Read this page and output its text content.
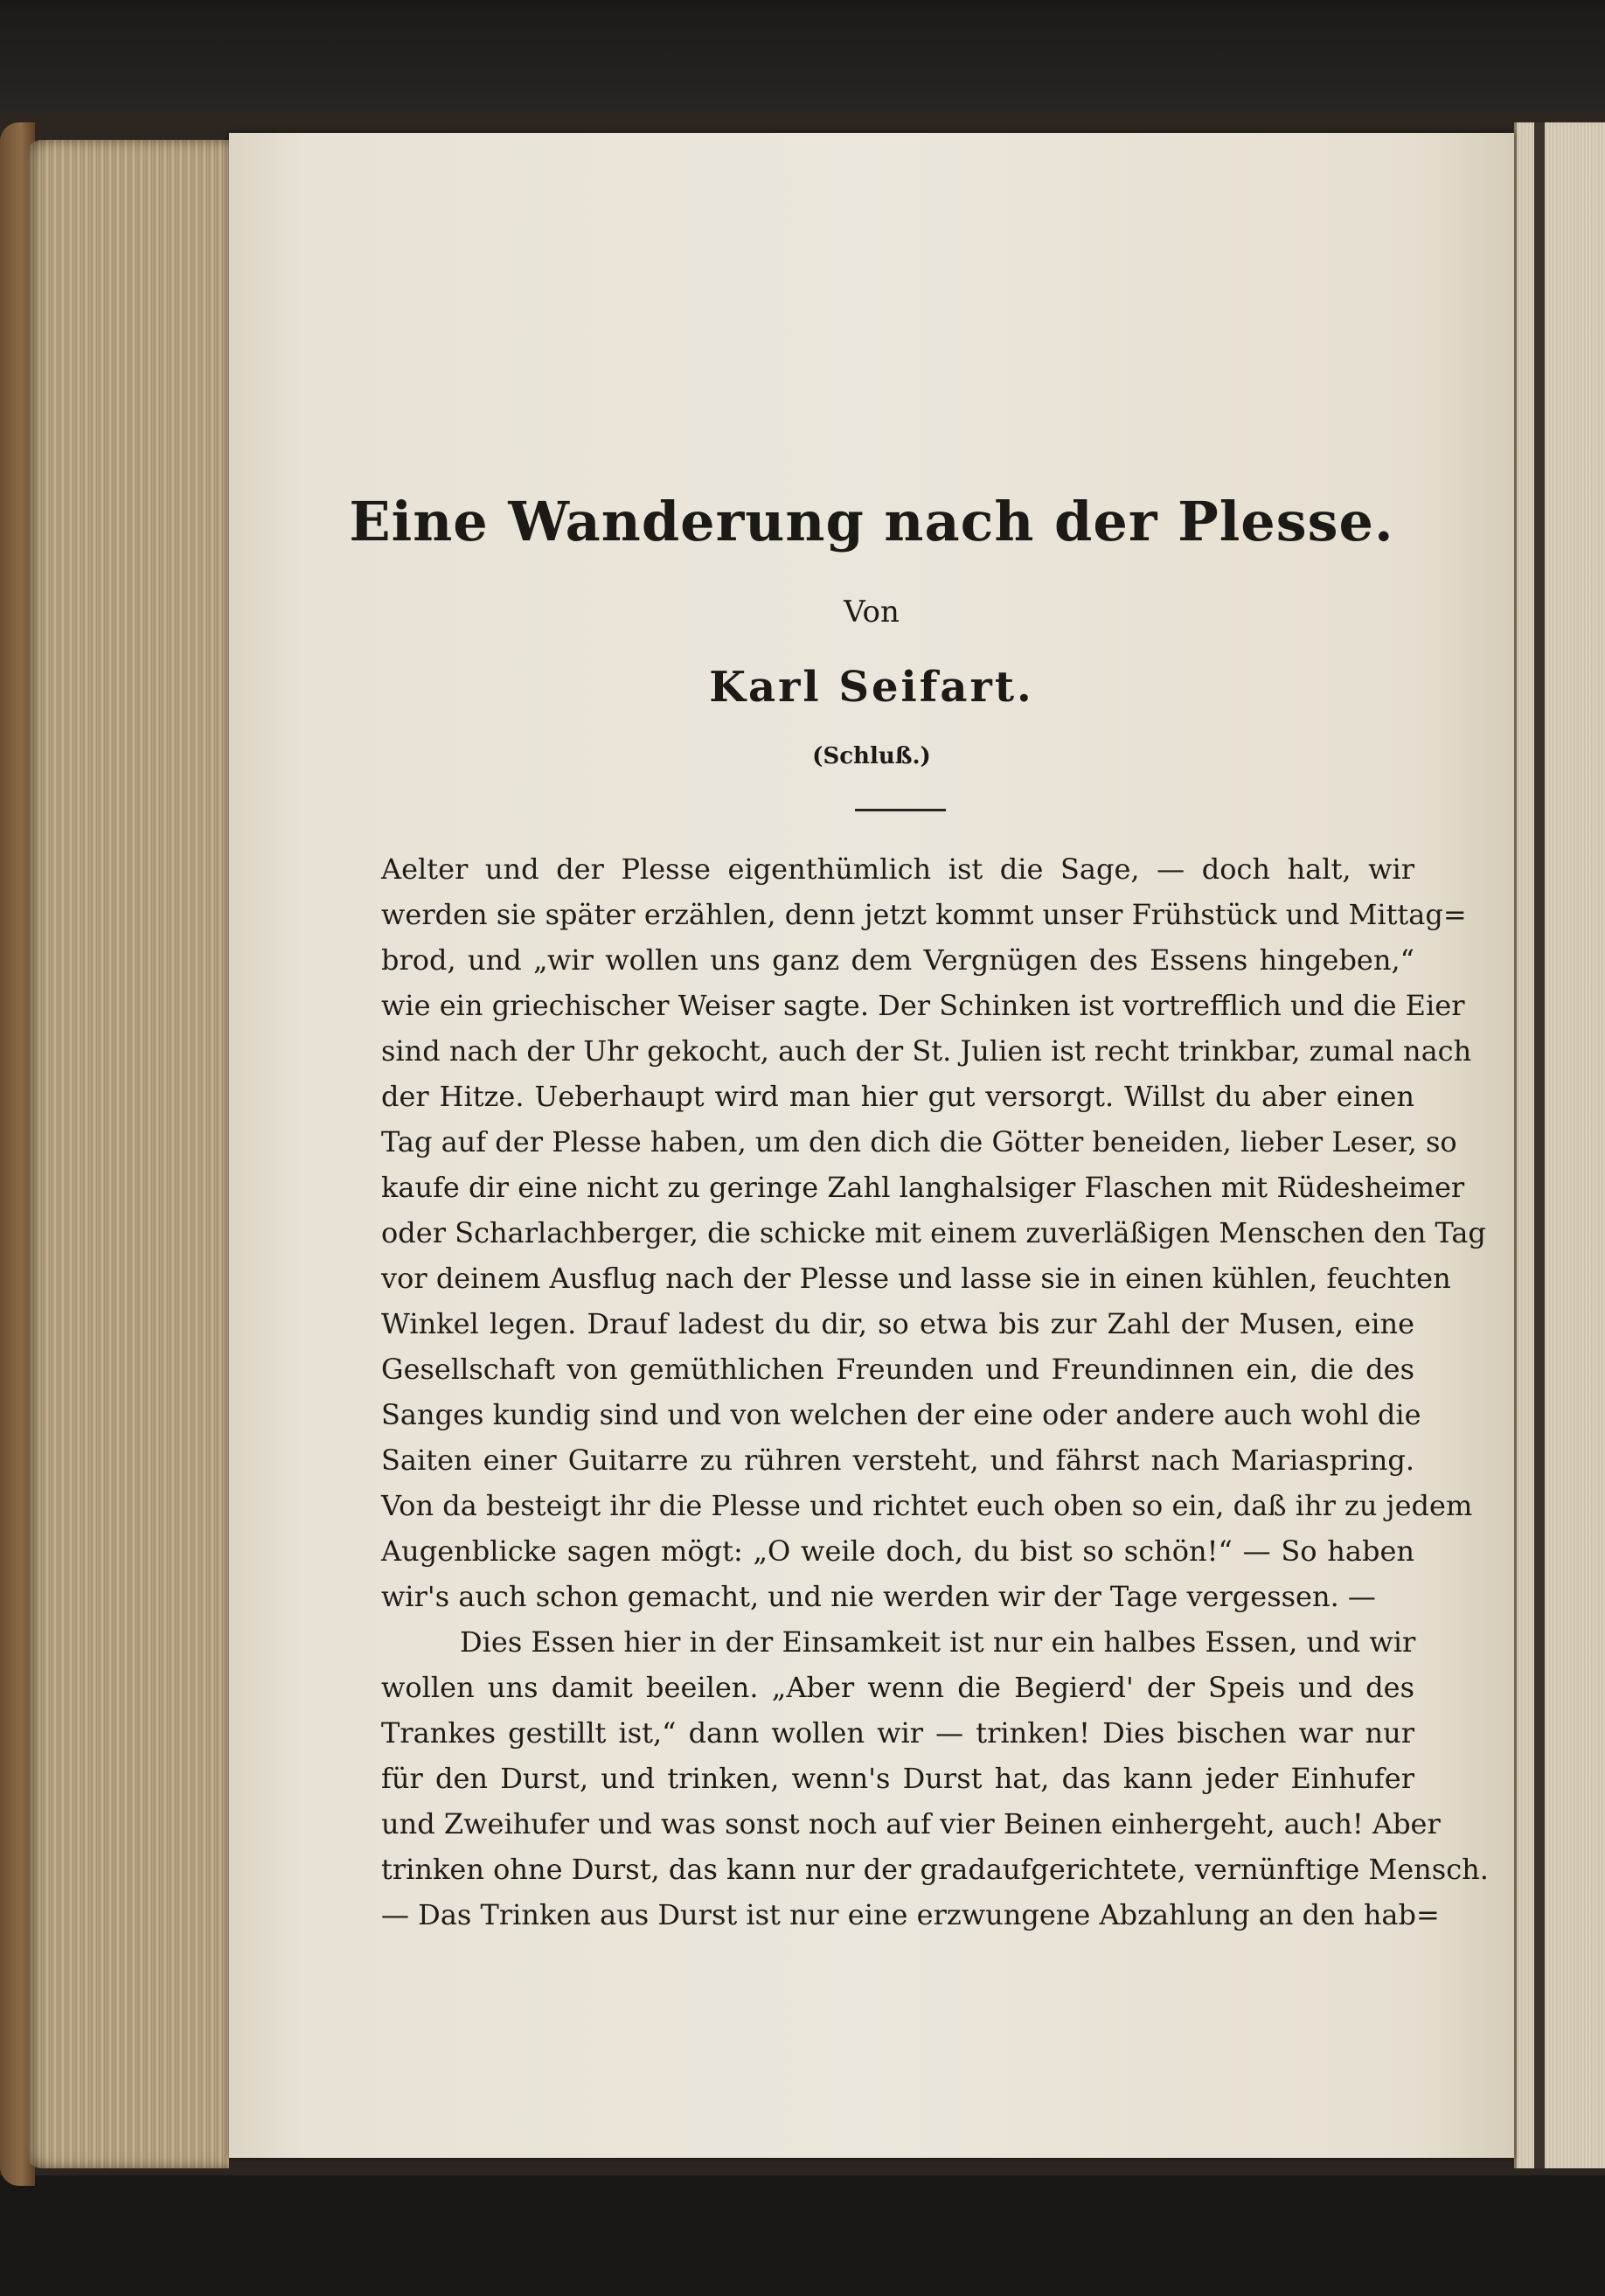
Eine Wanderung nach der Plesse.
Von
Karl Seifart.
(Schluß.)
Aelter und der Plesse eigenthümlich ist die Sage, — doch halt, wir
werden sie später erzählen, denn jetzt kommt unser Frühstück und Mittag=
brod, und „wir wollen uns ganz dem Vergnügen des Essens hingeben,“
wie ein griechischer Weiser sagte. Der Schinken ist vortrefflich und die Eier
sind nach der Uhr gekocht, auch der St. Julien ist recht trinkbar, zumal nach
der Hitze. Ueberhaupt wird man hier gut versorgt. Willst du aber einen
Tag auf der Plesse haben, um den dich die Götter beneiden, lieber Leser, so
kaufe dir eine nicht zu geringe Zahl langhalsiger Flaschen mit Rüdesheimer
oder Scharlachberger, die schicke mit einem zuverläßigen Menschen den Tag
vor deinem Ausflug nach der Plesse und lasse sie in einen kühlen, feuchten
Winkel legen. Drauf ladest du dir, so etwa bis zur Zahl der Musen, eine
Gesellschaft von gemüthlichen Freunden und Freundinnen ein, die des
Sanges kundig sind und von welchen der eine oder andere auch wohl die
Saiten einer Guitarre zu rühren versteht, und fährst nach Mariaspring.
Von da besteigt ihr die Plesse und richtet euch oben so ein, daß ihr zu jedem
Augenblicke sagen mögt: „O weile doch, du bist so schön!“ — So haben
wir's auch schon gemacht, und nie werden wir der Tage vergessen. —
Dies Essen hier in der Einsamkeit ist nur ein halbes Essen, und wir
wollen uns damit beeilen. „Aber wenn die Begierd' der Speis und des
Trankes gestillt ist,“ dann wollen wir — trinken! Dies bischen war nur
für den Durst, und trinken, wenn's Durst hat, das kann jeder Einhufer
und Zweihufer und was sonst noch auf vier Beinen einhergeht, auch! Aber
trinken ohne Durst, das kann nur der gradaufgerichtete, vernünftige Mensch.
— Das Trinken aus Durst ist nur eine erzwungene Abzahlung an den hab=
